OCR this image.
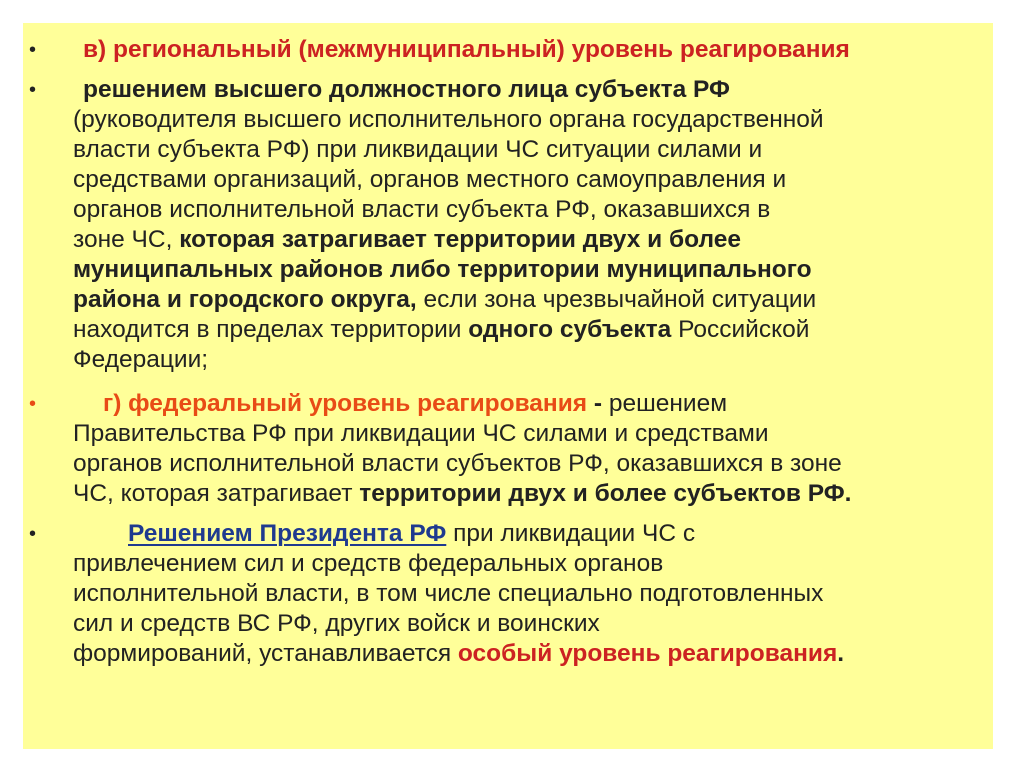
•	в) региональный (межмуниципальный) уровень реагирования
•	решением высшего должностного лица субъекта РФ
(руководителя высшего исполнительного органа государственной
власти субъекта РФ) при ликвидации ЧС ситуации силами и
средствами организаций, органов местного самоуправления и
органов исполнительной власти субъекта РФ, оказавшихся в
зоне ЧС, которая затрагивает территории двух и более
муниципальных районов либо территории муниципального
района и городского округа, если зона чрезвычайной ситуации
находится в пределах территории одного субъекта Российской
Федерации;
•	г) федеральный уровень реагирования - решением
Правительства РФ при ликвидации ЧС силами и средствами
органов исполнительной власти субъектов РФ, оказавшихся в зоне
ЧС, которая затрагивает территории двух и более субъектов РФ.
•	Решением Президента РФ при ликвидации ЧС с
привлечением сил и средств федеральных органов
исполнительной власти, в том числе специально подготовленных
сил и средств ВС РФ, других войск и воинских
формирований, устанавливается особый уровень реагирования.
